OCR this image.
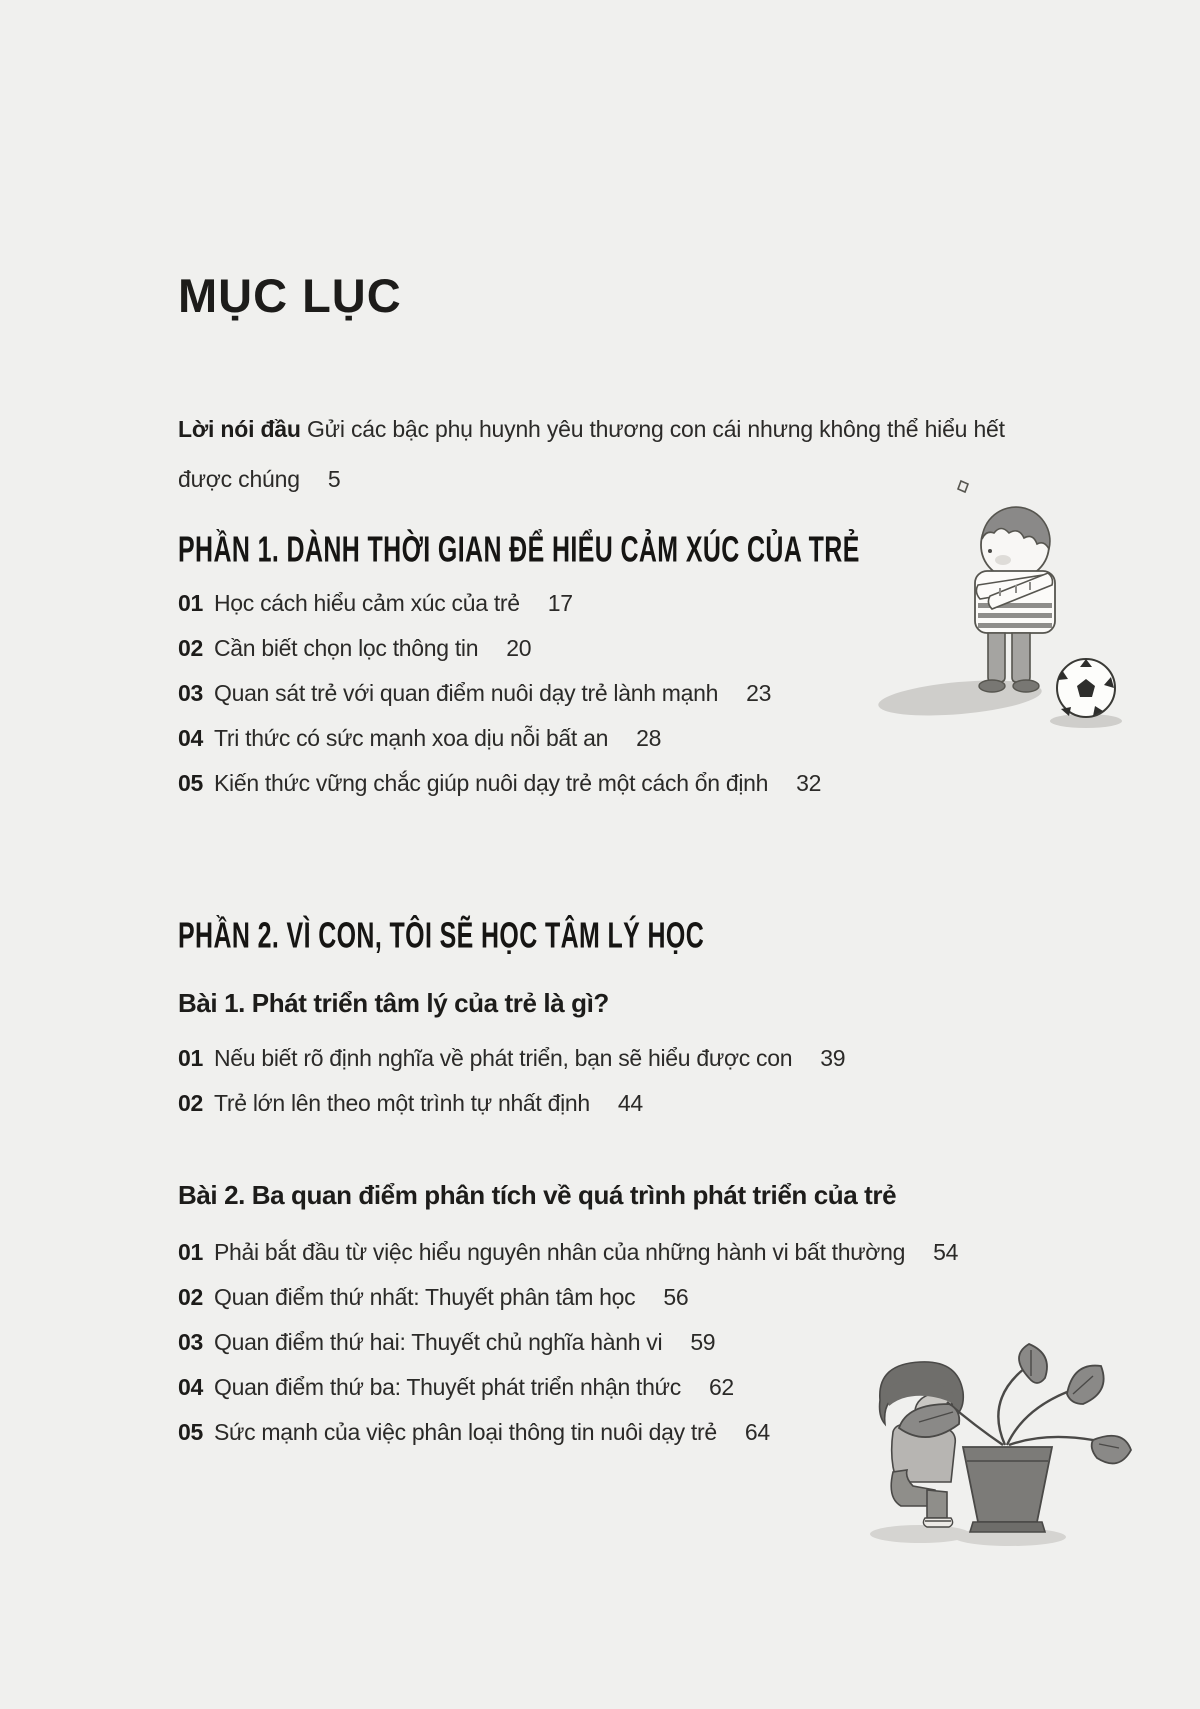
MỤC LỤC

Lời nói đầu Gửi các bậc phụ huynh yêu thương con cái nhưng không thể hiểu hết được chúng 5

PHẦN 1. DÀNH THỜI GIAN ĐỂ HIỂU CẢM XÚC CỦA TRẺ
01 Học cách hiểu cảm xúc của trẻ 17
02 Cần biết chọn lọc thông tin 20
03 Quan sát trẻ với quan điểm nuôi dạy trẻ lành mạnh 23
04 Tri thức có sức mạnh xoa dịu nỗi bất an 28
05 Kiến thức vững chắc giúp nuôi dạy trẻ một cách ổn định 32
PHẦN 2. VÌ CON, TÔI SẼ HỌC TÂM LÝ HỌC
Bài 1. Phát triển tâm lý của trẻ là gì?
01 Nếu biết rõ định nghĩa về phát triển, bạn sẽ hiểu được con 39
02 Trẻ lớn lên theo một trình tự nhất định 44
Bài 2. Ba quan điểm phân tích về quá trình phát triển của trẻ
01 Phải bắt đầu từ việc hiểu nguyên nhân của những hành vi bất thường 54
02 Quan điểm thứ nhất: Thuyết phân tâm học 56
03 Quan điểm thứ hai: Thuyết chủ nghĩa hành vi 59
04 Quan điểm thứ ba: Thuyết phát triển nhận thức 62
05 Sức mạnh của việc phân loại thông tin nuôi dạy trẻ 64
